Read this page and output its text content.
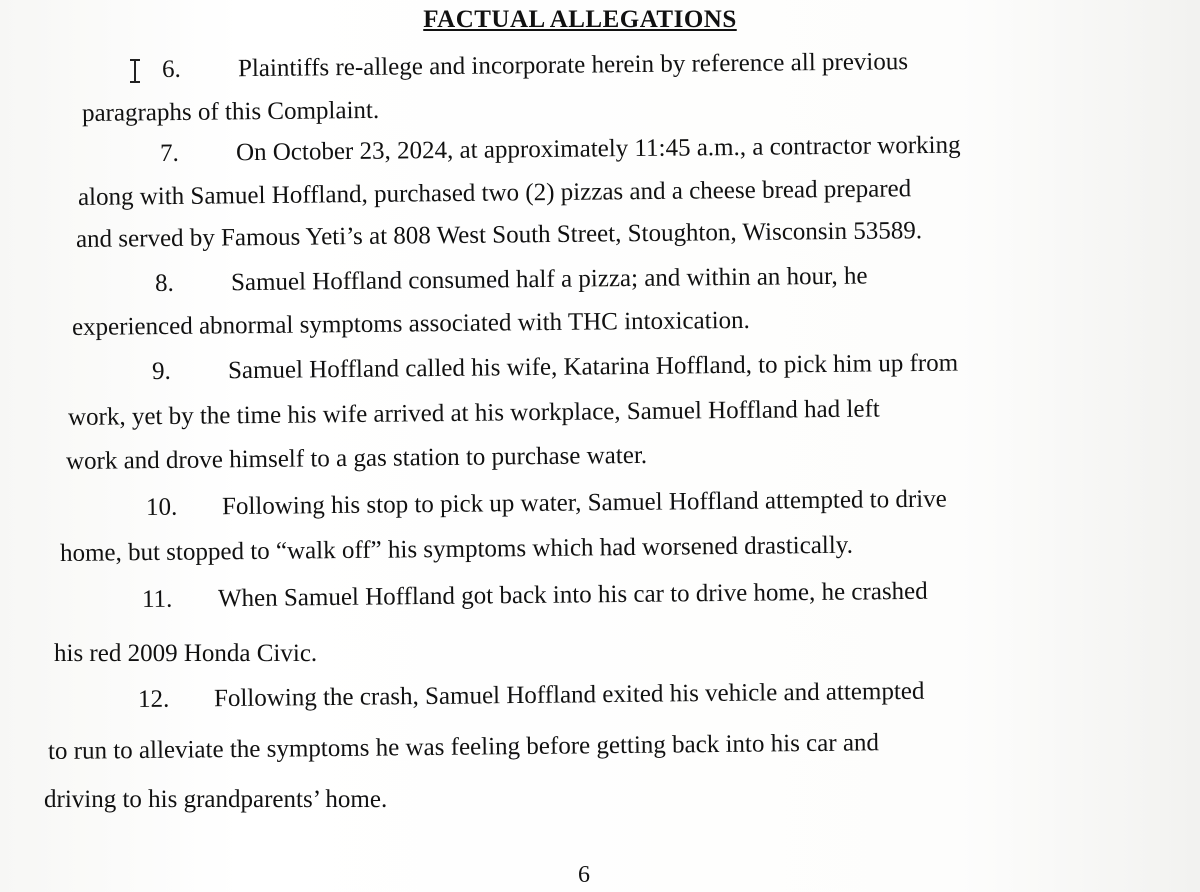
FACTUAL ALLEGATIONS
6. Plaintiffs re-allege and incorporate herein by reference all previous
paragraphs of this Complaint.
7. On October 23, 2024, at approximately 11:45 a.m., a contractor working
along with Samuel Hoffland, purchased two (2) pizzas and a cheese bread prepared
and served by Famous Yeti’s at 808 West South Street, Stoughton, Wisconsin 53589.
8. Samuel Hoffland consumed half a pizza; and within an hour, he
experienced abnormal symptoms associated with THC intoxication.
9. Samuel Hoffland called his wife, Katarina Hoffland, to pick him up from
work, yet by the time his wife arrived at his workplace, Samuel Hoffland had left
work and drove himself to a gas station to purchase water.
10. Following his stop to pick up water, Samuel Hoffland attempted to drive
home, but stopped to “walk off” his symptoms which had worsened drastically.
11. When Samuel Hoffland got back into his car to drive home, he crashed
his red 2009 Honda Civic.
12. Following the crash, Samuel Hoffland exited his vehicle and attempted
to run to alleviate the symptoms he was feeling before getting back into his car and
driving to his grandparents’ home.
6
